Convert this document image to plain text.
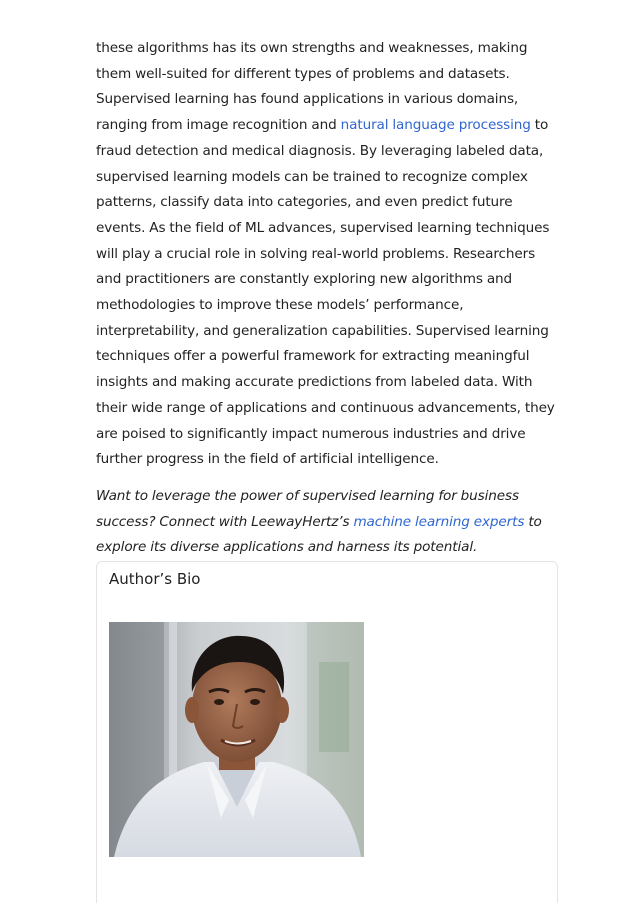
these algorithms has its own strengths and weaknesses, making them well-suited for different types of problems and datasets. Supervised learning has found applications in various domains, ranging from image recognition and natural language processing to fraud detection and medical diagnosis. By leveraging labeled data, supervised learning models can be trained to recognize complex patterns, classify data into categories, and even predict future events. As the field of ML advances, supervised learning techniques will play a crucial role in solving real-world problems. Researchers and practitioners are constantly exploring new algorithms and methodologies to improve these models’ performance, interpretability, and generalization capabilities. Supervised learning techniques offer a powerful framework for extracting meaningful insights and making accurate predictions from labeled data. With their wide range of applications and continuous advancements, they are poised to significantly impact numerous industries and drive further progress in the field of artificial intelligence.

Want to leverage the power of supervised learning for business success? Connect with LeewayHertz’s machine learning experts to explore its diverse applications and harness its potential.

Author’s Bio
